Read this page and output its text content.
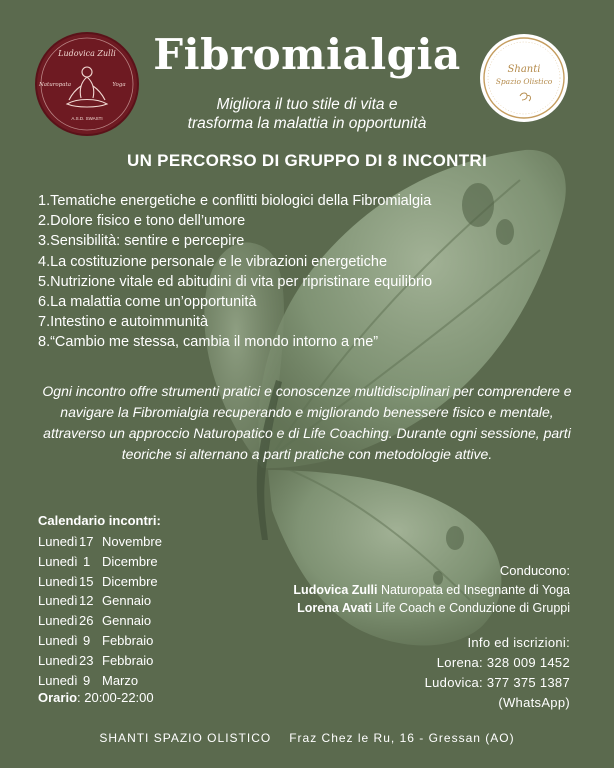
Ludovica Zulli
Naturopata	Yoga
A.S.D. SWASTI
Shanti
Spazio Olistico
Fibromialgia
Migliora il tuo stile di vita e
trasforma la malattia in opportunità
UN PERCORSO DI GRUPPO DI 8 INCONTRI
1.Tematiche energetiche e conflitti biologici della Fibromialgia
2.Dolore fisico e tono dell’umore
3.Sensibilità: sentire e percepire
4.La costituzione personale e le vibrazioni energetiche
5.Nutrizione vitale ed abitudini di vita per ripristinare equilibrio
6.La malattia come un’opportunità
7.Intestino e autoimmunità
8.“Cambio me stessa, cambia il mondo intorno a me”
Ogni incontro offre strumenti pratici e conoscenze multidisciplinari per comprendere e
navigare la Fibromialgia recuperando e migliorando benessere fisico e mentale,
attraverso un approccio Naturopatico e di Life Coaching. Durante ogni sessione, parti
teoriche si alternano a parti pratiche con metodologie attive.
Calendario incontri:
Lunedì17 Novembre
Lunedì 1 Dicembre
Lunedì15 Dicembre
Lunedì12 Gennaio
Lunedì26 Gennaio
Lunedì 9 Febbraio
Lunedì23 Febbraio
Lunedì 9 Marzo
Orario: 20:00-22:00
Conducono:
Ludovica Zulli Naturopata ed Insegnante di Yoga
Lorena Avati Life Coach e Conduzione di Gruppi
Info ed iscrizioni:
Lorena: 328 009 1452
Ludovica: 377 375 1387
(WhatsApp)
SHANTI SPAZIO OLISTICO Fraz Chez le Ru, 16 - Gressan (AO)
